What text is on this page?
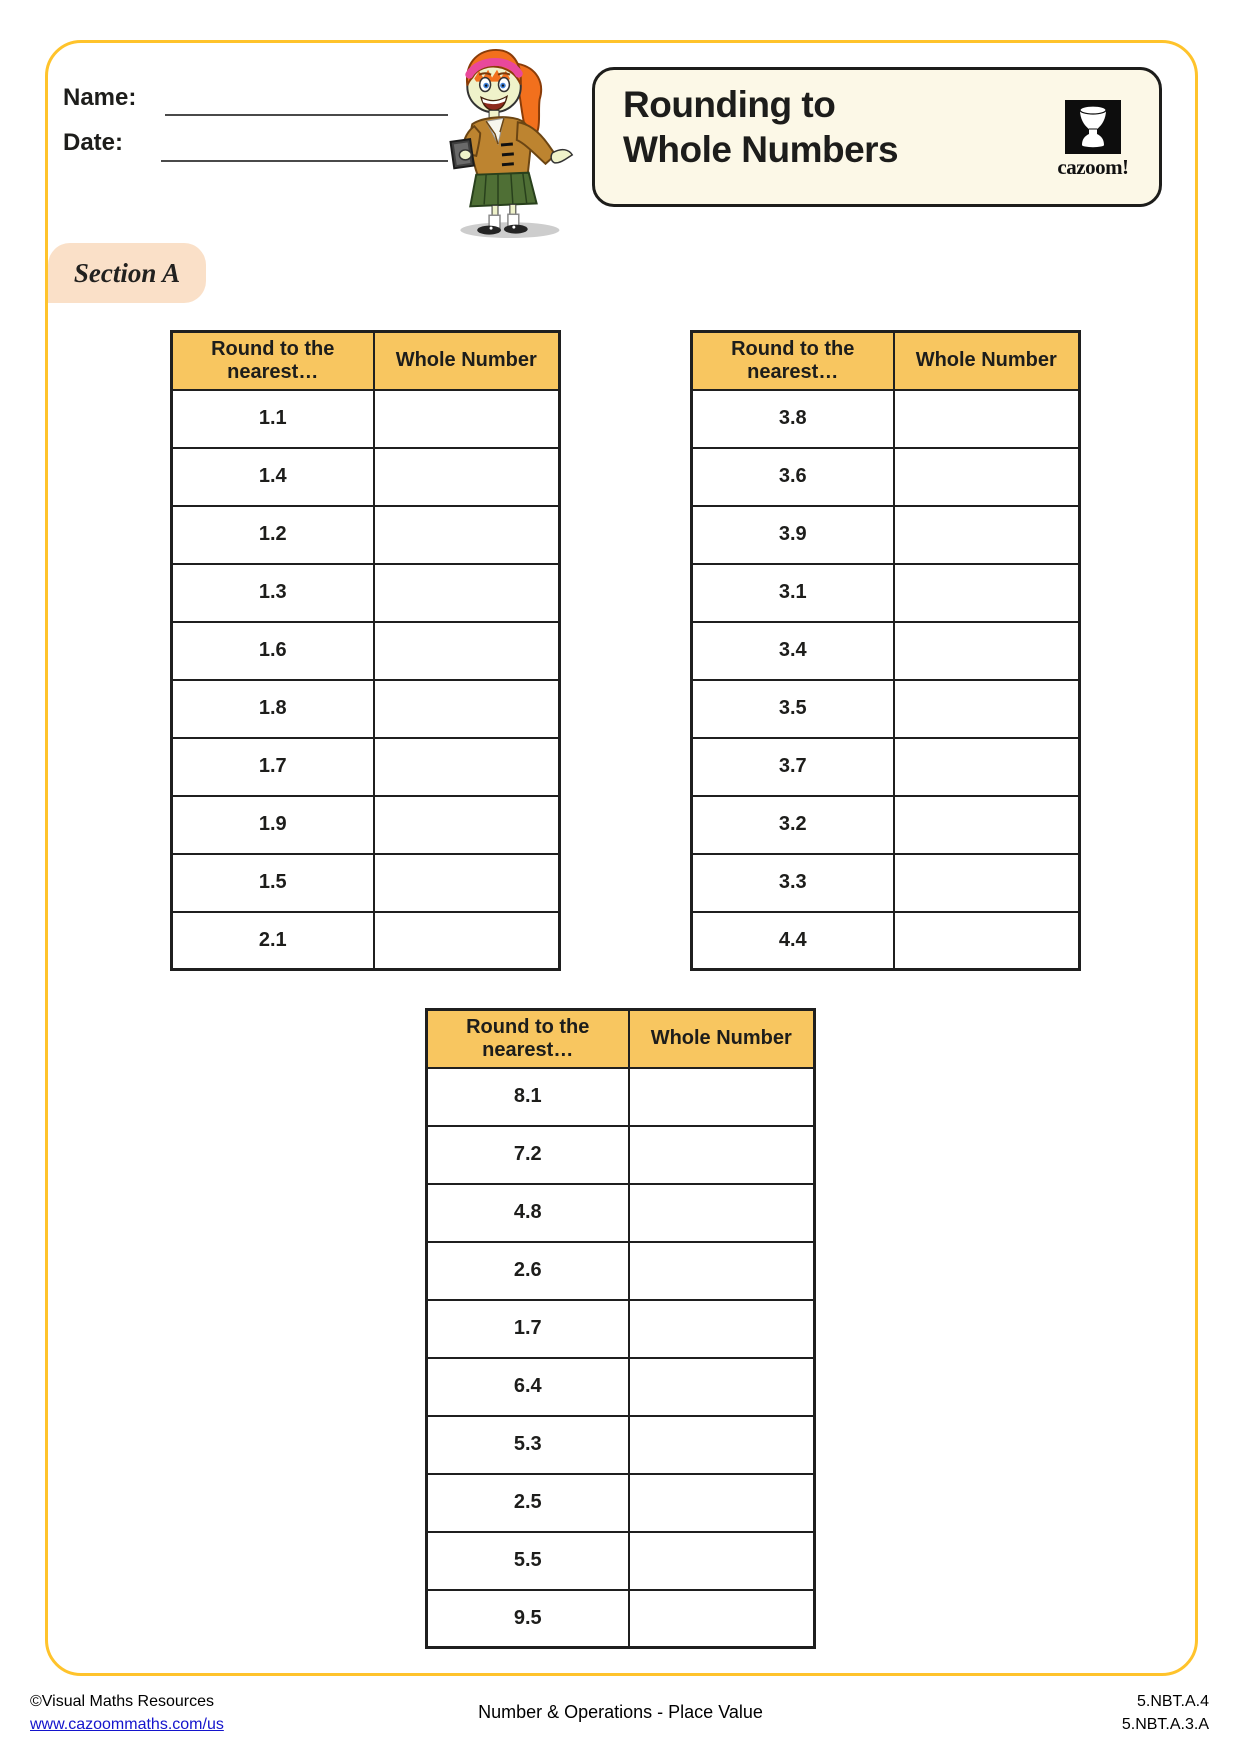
Name:
Date:
Rounding to
Whole Numbers	cazoom!
Section A
Round to the nearest…	Whole Number
1.1	
1.4	
1.2	
1.3	
1.6	
1.8	
1.7	
1.9	
1.5	
2.1	
Round to the nearest…	Whole Number
3.8	
3.6	
3.9	
3.1	
3.4	
3.5	
3.7	
3.2	
3.3	
4.4	
Round to the nearest…	Whole Number
8.1	
7.2	
4.8	
2.6	
1.7	
6.4	
5.3	
2.5	
5.5	
9.5	
©Visual Maths Resources
www.cazoommaths.com/us
Number & Operations - Place Value
5.NBT.A.4
5.NBT.A.3.A
